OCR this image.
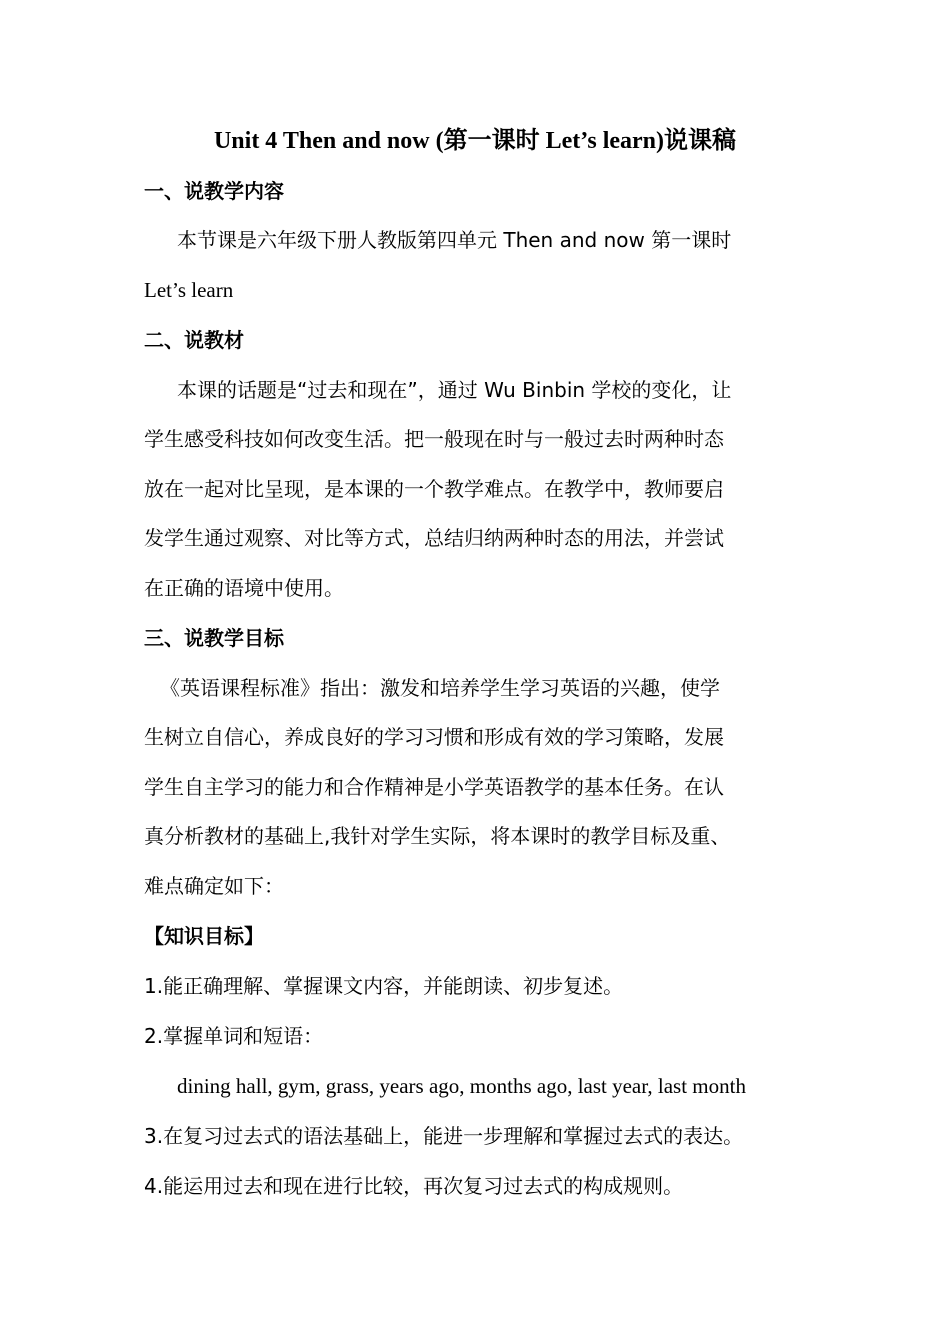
Unit 4 Then and now (第一课时 Let’s learn)说课稿
一、说教学内容
本节课是六年级下册人教版第四单元 Then and now 第一课时
Let’s learn
二、说教材
本课的话题是“过去和现在”，通过 Wu Binbin 学校的变化，让
学生感受科技如何改变生活。把一般现在时与一般过去时两种时态
放在一起对比呈现，是本课的一个教学难点。在教学中，教师要启
发学生通过观察、对比等方式，总结归纳两种时态的用法，并尝试
在正确的语境中使用。
三、说教学目标
《英语课程标准》指出：激发和培养学生学习英语的兴趣，使学
生树立自信心，养成良好的学习习惯和形成有效的学习策略，发展
学生自主学习的能力和合作精神是小学英语教学的基本任务。在认
真分析教材的基础上,我针对学生实际，将本课时的教学目标及重、
难点确定如下：
【知识目标】
1.能正确理解、掌握课文内容，并能朗读、初步复述。
2.掌握单词和短语：
dining hall, gym, grass, years ago, months ago, last year, last month
3.在复习过去式的语法基础上，能进一步理解和掌握过去式的表达。
4.能运用过去和现在进行比较，再次复习过去式的构成规则。
